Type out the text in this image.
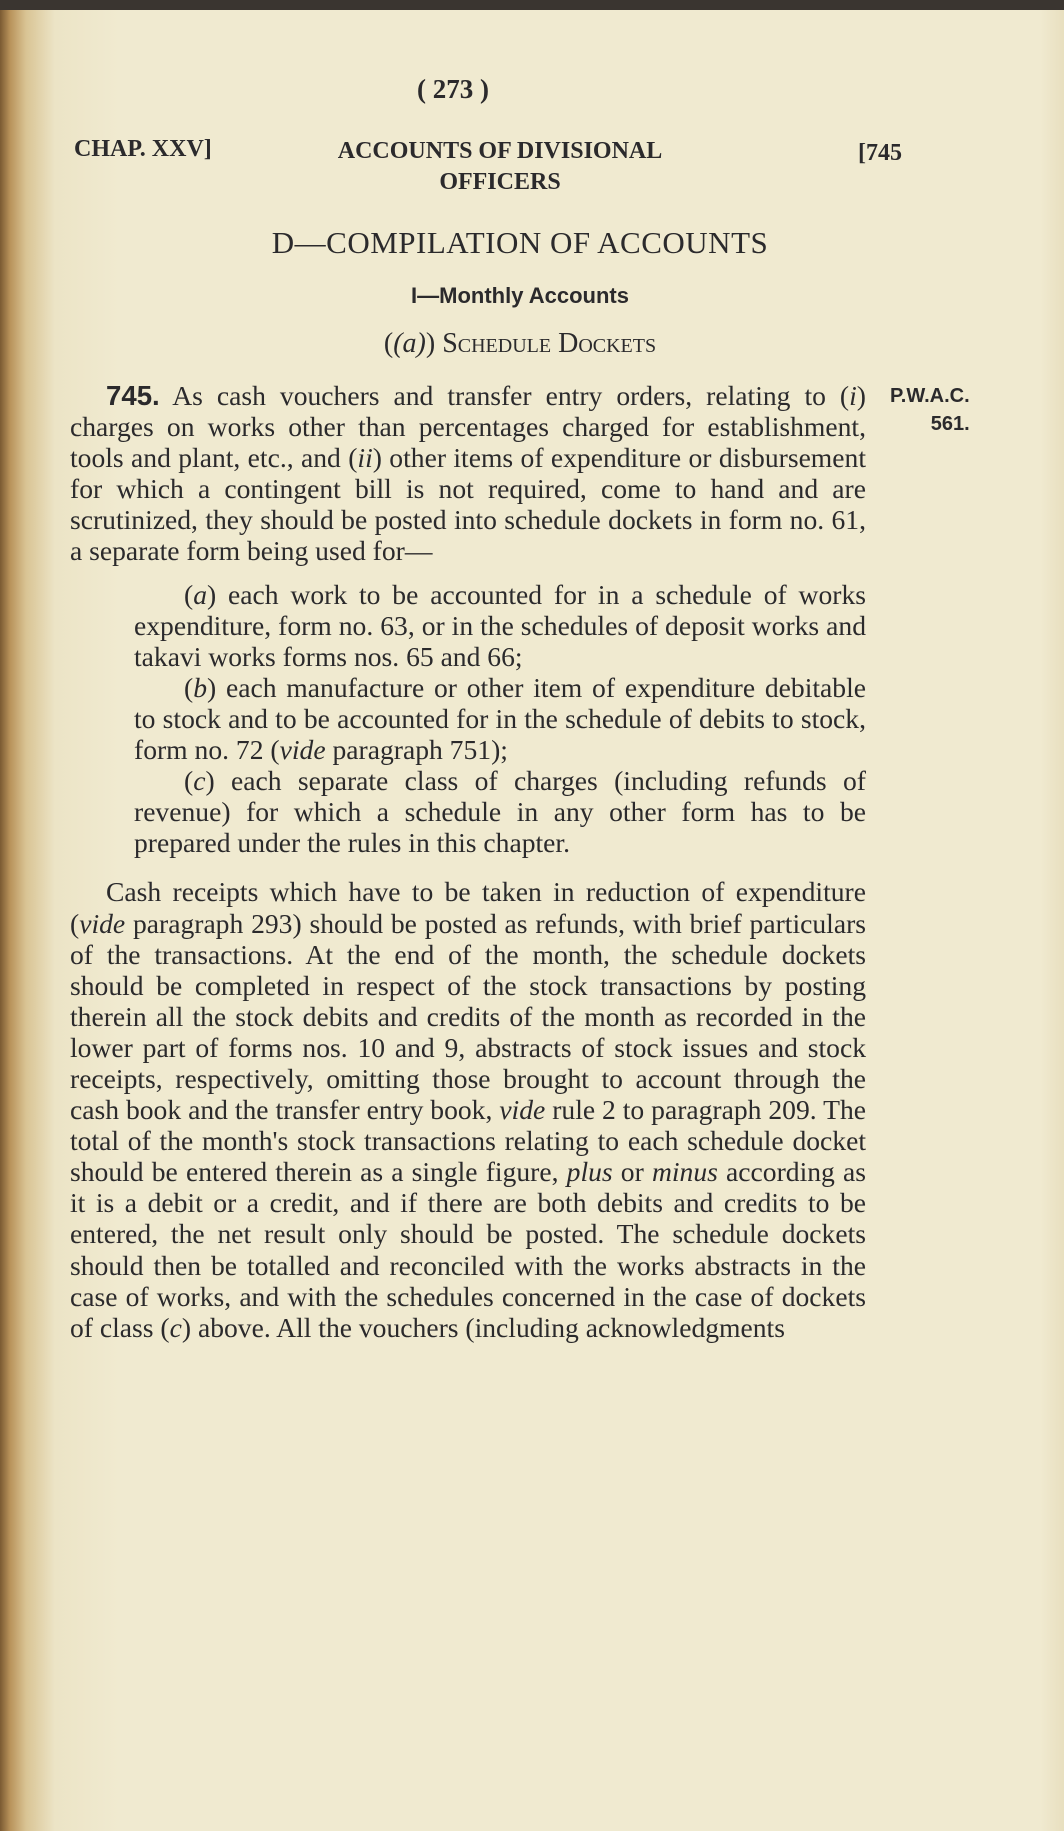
( 273 )
CHAP. XXV]	ACCOUNTS OF DIVISIONAL OFFICERS
[745
D—COMPILATION OF ACCOUNTS
I—Monthly Accounts
((a))​ Schedule Dockets
P.W.A.C.
561.

745. As cash vouchers and transfer entry orders, relating to (i) charges on works other than percentages charged for establishment, tools and plant, etc., and (ii) other items of expenditure or disbursement for which a contingent bill is not required, come to hand and are scrutinized, they should be posted into schedule dockets in form no. 61, a separate form being used for—

(a) each work to be accounted for in a schedule of works expenditure, form no. 63, or in the schedules of deposit works and takavi works forms nos. 65 and 66;

(b) each manufacture or other item of expenditure debitable to stock and to be accounted for in the schedule of debits to stock, form no. 72 (vide paragraph 751);

(c) each separate class of charges (including refunds of revenue) for which a schedule in any other form has to be prepared under the rules in this chapter.

Cash receipts which have to be taken in reduction of expenditure (vide paragraph 293) should be posted as refunds, with brief particulars of the transactions. At the end of the month, the schedule dockets should be completed in respect of the stock transactions by posting therein all the stock debits and credits of the month as recorded in the lower part of forms nos. 10 and 9, abstracts of stock issues and stock receipts, respectively, omitting those brought to account through the cash book and the transfer entry book, vide rule 2 to paragraph 209. The total of the month's stock transactions relating to each schedule docket should be entered therein as a single figure, plus or minus according as it is a debit or a credit, and if there are both debits and credits to be entered, the net result only should be posted. The schedule dockets should then be totalled and reconciled with the works abstracts in the case of works, and with the schedules concerned in the case of dockets of class (c) above. All the vouchers (including acknowledgments
